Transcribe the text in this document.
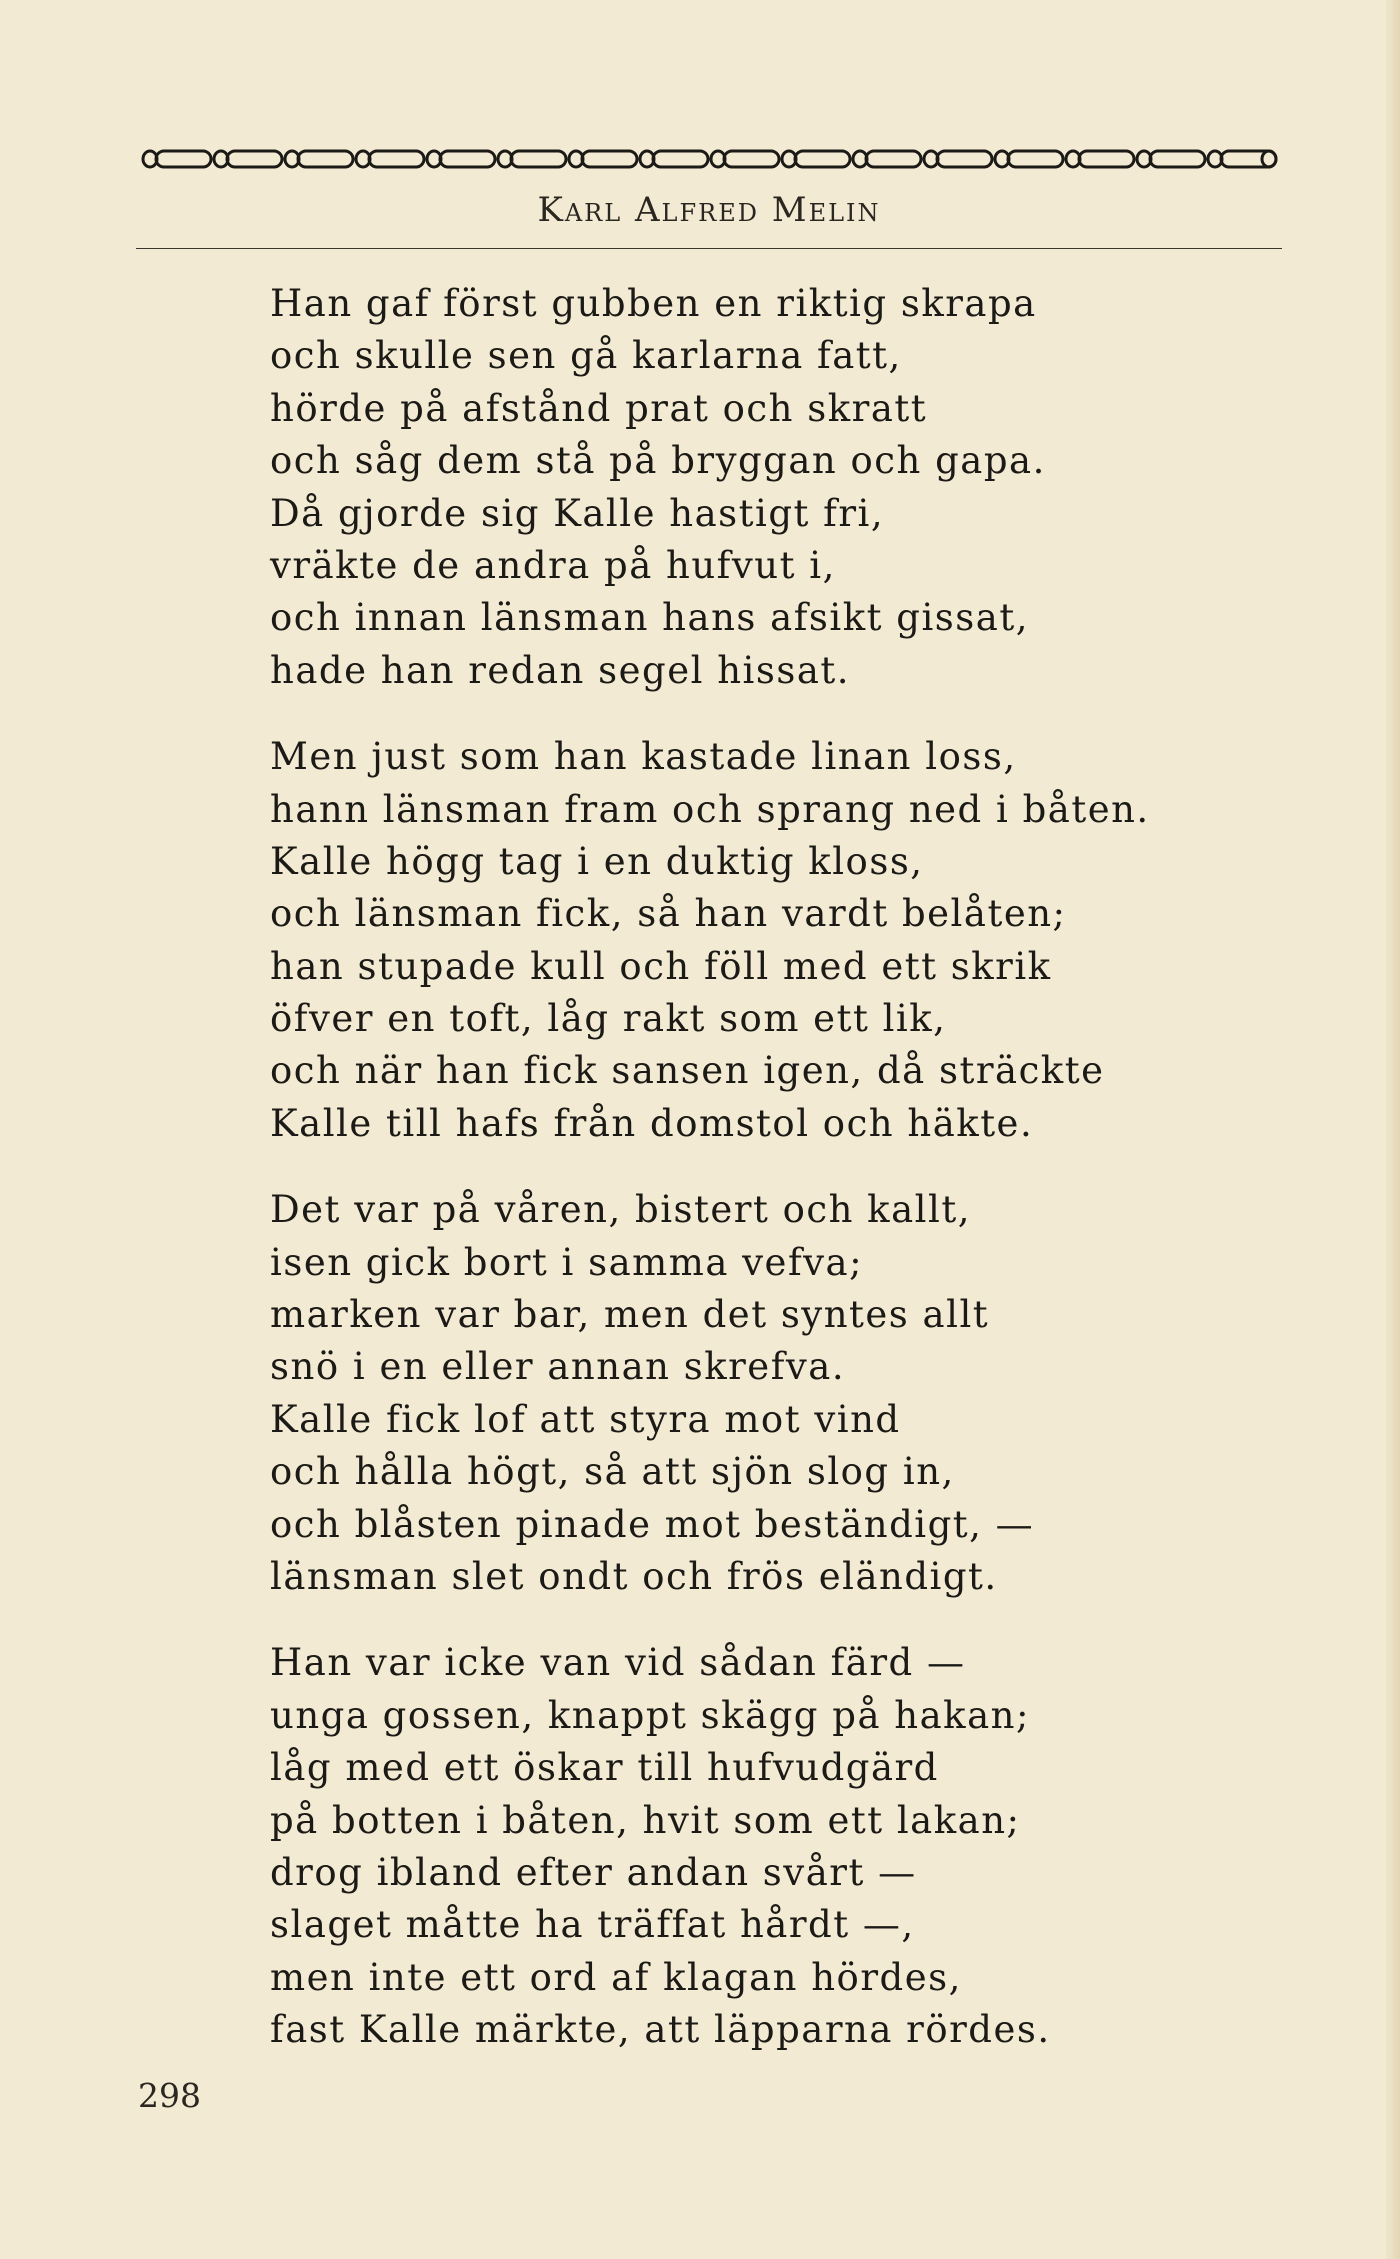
Karl Alfred Melin
Han gaf först gubben en riktig skrapa
och skulle sen gå karlarna fatt,
hörde på afstånd prat och skratt
och såg dem stå på bryggan och gapa.
Då gjorde sig Kalle hastigt fri,
vräkte de andra på hufvut i,
och innan länsman hans afsikt gissat,
hade han redan segel hissat.
Men just som han kastade linan loss,
hann länsman fram och sprang ned i båten.
Kalle högg tag i en duktig kloss,
och länsman fick, så han vardt belåten;
han stupade kull och föll med ett skrik
öfver en toft, låg rakt som ett lik,
och när han fick sansen igen, då sträckte
Kalle till hafs från domstol och häkte.
Det var på våren, bistert och kallt,
isen gick bort i samma vefva;
marken var bar, men det syntes allt
snö i en eller annan skrefva.
Kalle fick lof att styra mot vind
och hålla högt, så att sjön slog in,
och blåsten pinade mot beständigt, —
länsman slet ondt och frös eländigt.
Han var icke van vid sådan färd —
unga gossen, knappt skägg på hakan;
låg med ett öskar till hufvudgärd
på botten i båten, hvit som ett lakan;
drog ibland efter andan svårt —
slaget måtte ha träffat hårdt —,
men inte ett ord af klagan hördes,
fast Kalle märkte, att läpparna rördes.
298
